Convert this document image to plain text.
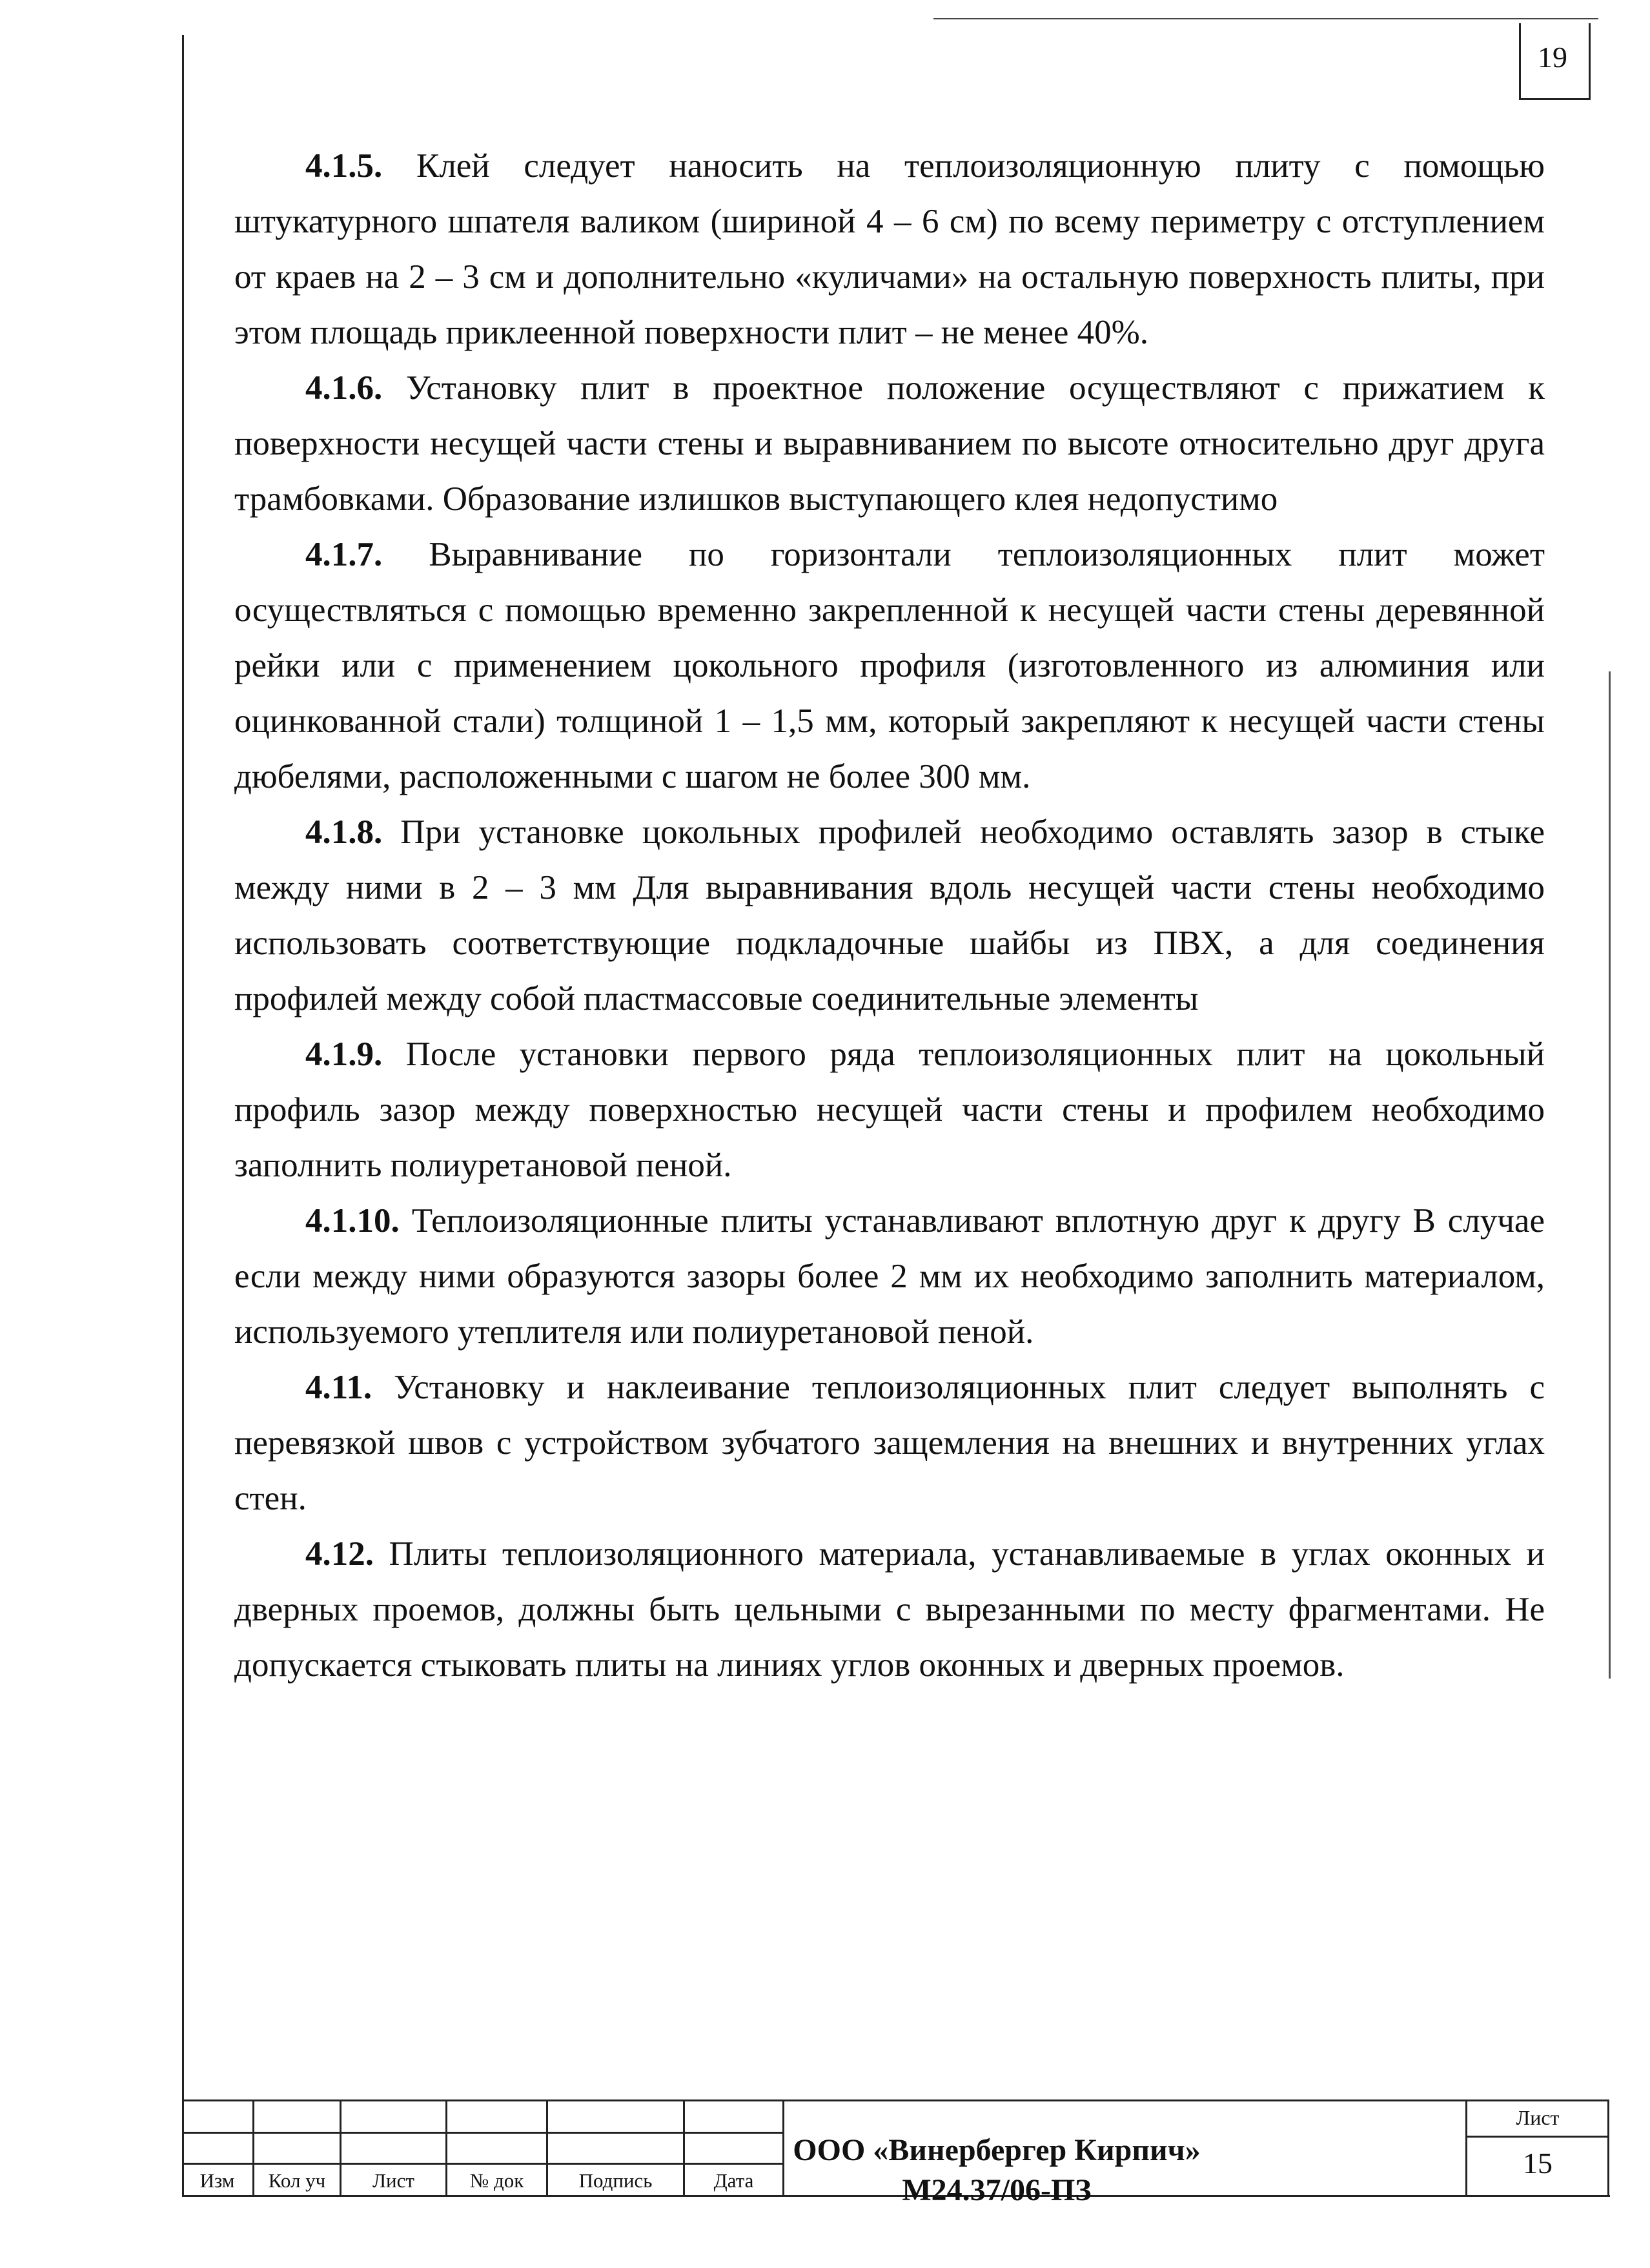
19

4.1.5. Клей следует наносить на теплоизоляционную плиту с помощью штукатурного шпателя валиком (шириной 4 – 6 см) по всему периметру с отступлением от краев на 2 – 3 см и дополнительно «куличами» на остальную поверхность плиты, при этом площадь приклеенной поверхности плит – не менее 40%.

4.1.6. Установку плит в проектное положение осуществляют с прижатием к поверхности несущей части стены и выравниванием по высоте относительно друг друга трамбовками. Образование излишков выступающего клея недопустимо

4.1.7. Выравнивание по горизонтали теплоизоляционных плит может осуществляться с помощью временно закрепленной к несущей части стены деревянной рейки или с применением цокольного профиля (изготовленного из алюминия или оцинкованной стали) толщиной 1 – 1,5 мм, который закрепляют к несущей части стены дюбелями, расположенными с шагом не более 300 мм.

4.1.8. При установке цокольных профилей необходимо оставлять зазор в стыке между ними в 2 – 3 мм Для выравнивания вдоль несущей части стены необходимо использовать соответствующие подкладочные шайбы из ПВХ, а для соединения профилей между собой пластмассовые соединительные элементы

4.1.9. После установки первого ряда теплоизоляционных плит на цокольный профиль зазор между поверхностью несущей части стены и профилем необходимо заполнить полиуретановой пеной.

4.1.10. Теплоизоляционные плиты устанавливают вплотную друг к другу В случае если между ними образуются зазоры более 2 мм их необходимо заполнить материалом, используемого утеплителя или полиуретановой пеной.

4.11. Установку и наклеивание теплоизоляционных плит следует выполнять с перевязкой швов с устройством зубчатого защемления на внешних и внутренних углах стен.

4.12. Плиты теплоизоляционного материала, устанавливаемые в углах оконных и дверных проемов, должны быть цельными с вырезанными по месту фрагментами. Не допускается стыковать плиты на линиях углов оконных и дверных проемов.

Изм	Кол уч	Лист	№ док	Подпись	Дата
ООО «Винербергер Кирпич»
М24.37/06-ПЗ
Лист
15
